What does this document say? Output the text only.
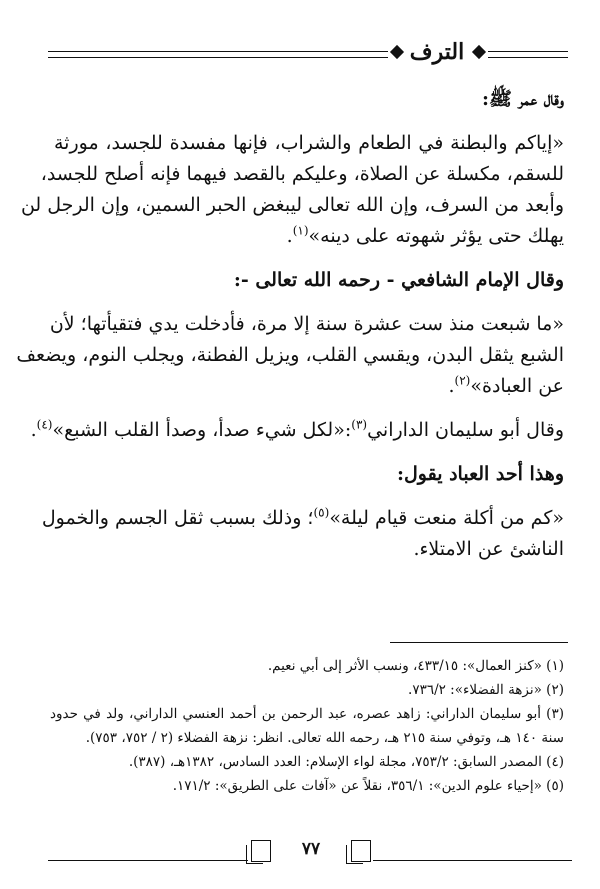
الترف
وقال عمر ﷺ:
«إياكم والبطنة في الطعام والشراب، فإنها مفسدة للجسد، مورثة
للسقم، مكسلة عن الصلاة، وعليكم بالقصد فيهما فإنه أصلح للجسد،
وأبعد من السرف، وإن الله تعالى ليبغض الحبر السمين، وإن الرجل لن
يهلك حتى يؤثر شهوته على دينه»$^{(١)}$.
وقال الإمام الشافعي - رحمه الله تعالى -:
«ما شبعت منذ ست عشرة سنة إلا مرة، فأدخلت يدي فتقيأتها؛ لأن
الشبع يثقل البدن، ويقسي القلب، ويزيل الفطنة، ويجلب النوم، ويضعف
عن العبادة»$^{(٢)}$.
وقال أبو سليمان الداراني$^{(٣)}$:«لكل شيء صدأ، وصدأ القلب الشبع»$^{(٤)}$.
وهذا أحد العباد يقول:
«كم من أكلة منعت قيام ليلة»$^{(٥)}$؛ وذلك بسبب ثقل الجسم والخمول
الناشئ عن الامتلاء.
(١) «كنز العمال»: ٤٣٣/١٥، ونسب الأثر إلى أبي نعيم.
(٢) «نزهة الفضلاء»: ٧٣٦/٢.
(٣) أبو سليمان الداراني: زاهد عصره، عبد الرحمن بن أحمد العنسي الداراني، ولد في حدود
سنة ١٤٠ هـ، وتوفي سنة ٢١٥ هـ، رحمه الله تعالى. انظر: نزهة الفضلاء (٢ / ٧٥٢، ٧٥٣).
(٤) المصدر السابق: ٧٥٣/٢، مجلة لواء الإسلام: العدد السادس، ١٣٨٢هـ، (٣٨٧).
(٥) «إحياء علوم الدين»: ٣٥٦/١، نقلاً عن «آفات على الطريق»: ١٧١/٢.
٧٧
